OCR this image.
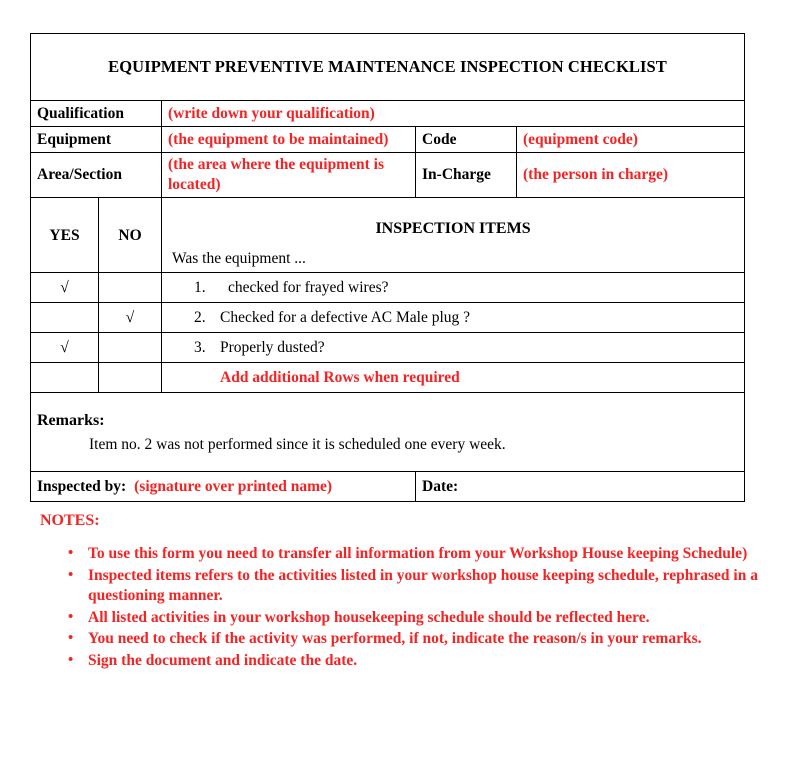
EQUIPMENT PREVENTIVE MAINTENANCE INSPECTION CHECKLIST				
Qualification		(write down your qualification)		
Equipment		(the equipment to be maintained)	Code	(equipment code)
Area/Section		(the area where the equipment is located)	In-Charge	(the person in charge)
YES	NO	INSPECTION ITEMS
Was the equipment ...		

√		1. checked for frayed wires?		
	√	2. Checked for a defective AC Male plug ?		
√		3. Properly dusted?		
		Add additional Rows when required		

Remarks:
Item no. 2 was not performed since it is scheduled one every week.				

Inspected by: (signature over printed name)			Date:	
NOTES:
• To use this form you need to transfer all information from your Workshop House keeping Schedule)
• Inspected items refers to the activities listed in your workshop house keeping schedule, rephrased in a questioning manner.
• All listed activities in your workshop housekeeping schedule should be reflected here.
• You need to check if the activity was performed, if not, indicate the reason/s in your remarks.
• Sign the document and indicate the date.
